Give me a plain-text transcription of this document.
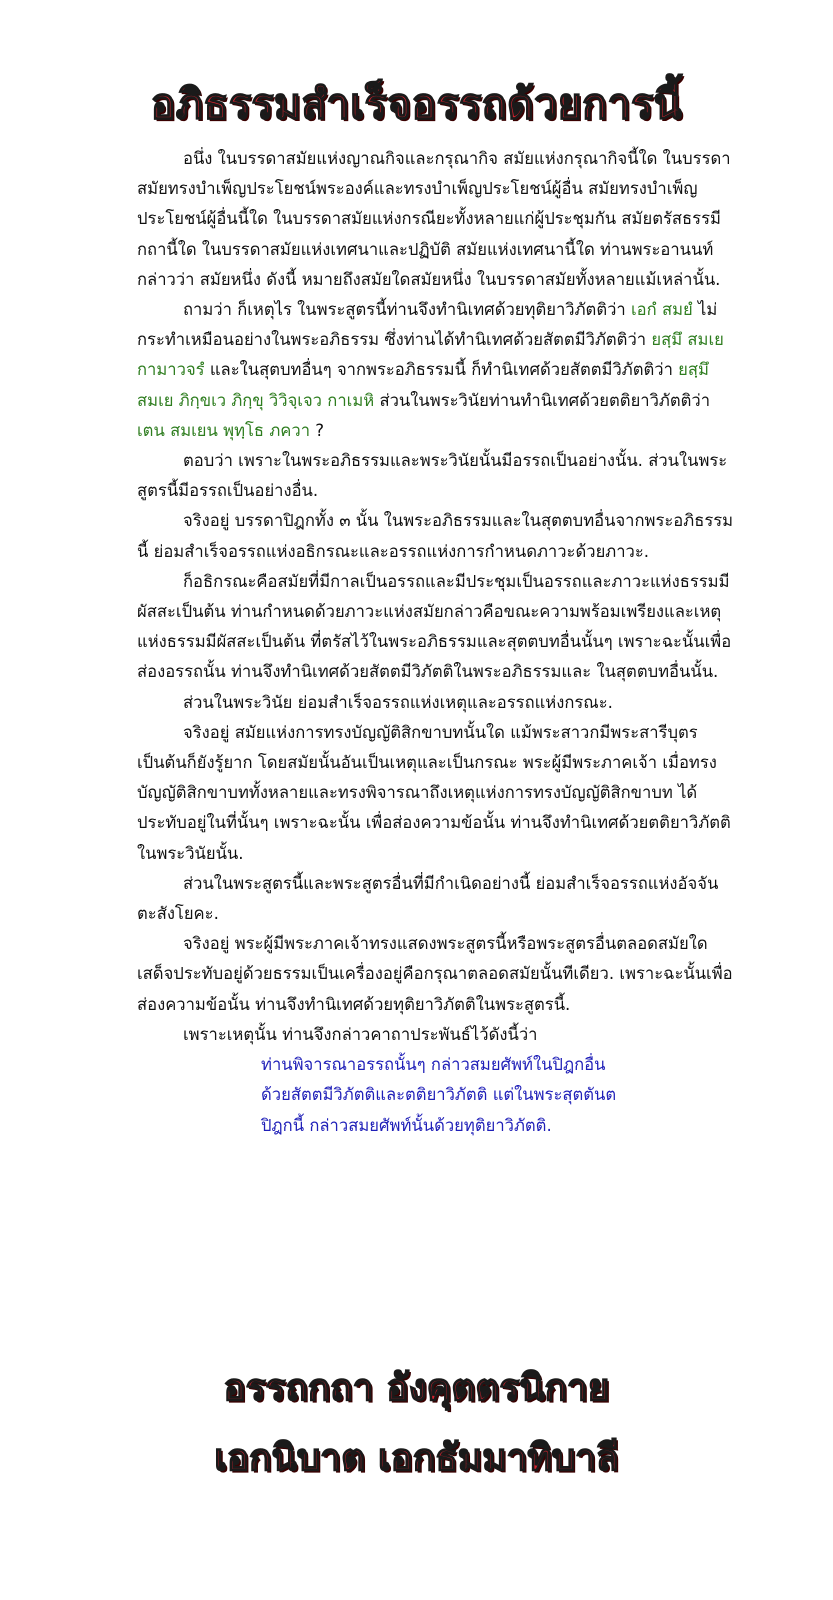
อภิธรรมสำเร็จอรรถด้วยการนี้

อนึ่ง ในบรรดาสมัยแห่งญาณกิจและกรุณากิจ สมัยแห่งกรุณากิจนี้ใด ในบรรดาสมัยทรงบำเพ็ญประโยชน์พระองค์และทรงบำเพ็ญประโยชน์ผู้อื่น สมัยทรงบำเพ็ญประโยชน์ผู้อื่นนี้ใด ในบรรดาสมัยแห่งกรณียะทั้งหลายแก่ผู้ประชุมกัน สมัยตรัสธรรมีกถานี้ใด ในบรรดาสมัยแห่งเทศนาและปฏิบัติ สมัยแห่งเทศนานี้ใด ท่านพระอานนท์กล่าวว่า สมัยหนึ่ง ดังนี้ หมายถึงสมัยใดสมัยหนึ่ง ในบรรดาสมัยทั้งหลายแม้เหล่านั้น.

ถามว่า ก็เหตุไร ในพระสูตรนี้ท่านจึงทำนิเทศด้วยทุติยาวิภัตติว่า เอกํ สมยํ ไม่กระทำเหมือนอย่างในพระอภิธรรม ซึ่งท่านได้ทำนิเทศด้วยสัตตมีวิภัตติว่า ยสฺมึ สมเย กามาวจรํ และในสุตบทอื่นๆ จากพระอภิธรรมนี้ ก็ทำนิเทศด้วยสัตตมีวิภัตติว่า ยสฺมึ สมเย ภิกฺขเว ภิกฺขุ วิวิจฺเจว กาเมหิ ส่วนในพระวินัยท่านทำนิเทศด้วยตติยาวิภัตติว่า เตน สมเยน พุทฺโธ ภควา ?

ตอบว่า เพราะในพระอภิธรรมและพระวินัยนั้นมีอรรถเป็นอย่างนั้น. ส่วนในพระสูตรนี้มีอรรถเป็นอย่างอื่น.

จริงอยู่ บรรดาปิฎกทั้ง ๓ นั้น ในพระอภิธรรมและในสุตตบทอื่นจากพระอภิธรรมนี้ ย่อมสำเร็จอรรถแห่งอธิกรณะและอรรถแห่งการกำหนดภาวะด้วยภาวะ.

ก็อธิกรณะคือสมัยที่มีกาลเป็นอรรถและมีประชุมเป็นอรรถและภาวะแห่งธรรมมีผัสสะเป็นต้น ท่านกำหนดด้วยภาวะแห่งสมัยกล่าวคือขณะความพร้อมเพรียงและเหตุแห่งธรรมมีผัสสะเป็นต้น ที่ตรัสไว้ในพระอภิธรรมและสุตตบทอื่นนั้นๆ เพราะฉะนั้นเพื่อส่องอรรถนั้น ท่านจึงทำนิเทศด้วยสัตตมีวิภัตติในพระอภิธรรมและ ในสุตตบทอื่นนั้น.

ส่วนในพระวินัย ย่อมสำเร็จอรรถแห่งเหตุและอรรถแห่งกรณะ.

จริงอยู่ สมัยแห่งการทรงบัญญัติสิกขาบทนั้นใด แม้พระสาวกมีพระสารีบุตรเป็นต้นก็ยังรู้ยาก โดยสมัยนั้นอันเป็นเหตุและเป็นกรณะ พระผู้มีพระภาคเจ้า เมื่อทรงบัญญัติสิกขาบททั้งหลายและทรงพิจารณาถึงเหตุแห่งการทรงบัญญัติสิกขาบท ได้ประทับอยู่ในที่นั้นๆ เพราะฉะนั้น เพื่อส่องความข้อนั้น ท่านจึงทำนิเทศด้วยตติยาวิภัตติในพระวินัยนั้น.

ส่วนในพระสูตรนี้และพระสูตรอื่นที่มีกำเนิดอย่างนี้ ย่อมสำเร็จอรรถแห่งอัจจันตะสังโยคะ.

จริงอยู่ พระผู้มีพระภาคเจ้าทรงแสดงพระสูตรนี้หรือพระสูตรอื่นตลอดสมัยใด เสด็จประทับอยู่ด้วยธรรมเป็นเครื่องอยู่คือกรุณาตลอดสมัยนั้นทีเดียว. เพราะฉะนั้นเพื่อส่องความข้อนั้น ท่านจึงทำนิเทศด้วยทุติยาวิภัตติในพระสูตรนี้.

เพราะเหตุนั้น ท่านจึงกล่าวคาถาประพันธ์ไว้ดังนี้ว่า

ท่านพิจารณาอรรถนั้นๆ กล่าวสมยศัพท์ในปิฎกอื่น

ด้วยสัตตมีวิภัตติและตติยาวิภัตติ แต่ในพระสุตตันต

ปิฎกนี้ กล่าวสมยศัพท์นั้นด้วยทุติยาวิภัตติ.

อรรถกถา อังคุตตรนิกาย
เอกนิบาต เอกธัมมาทิบาลี
